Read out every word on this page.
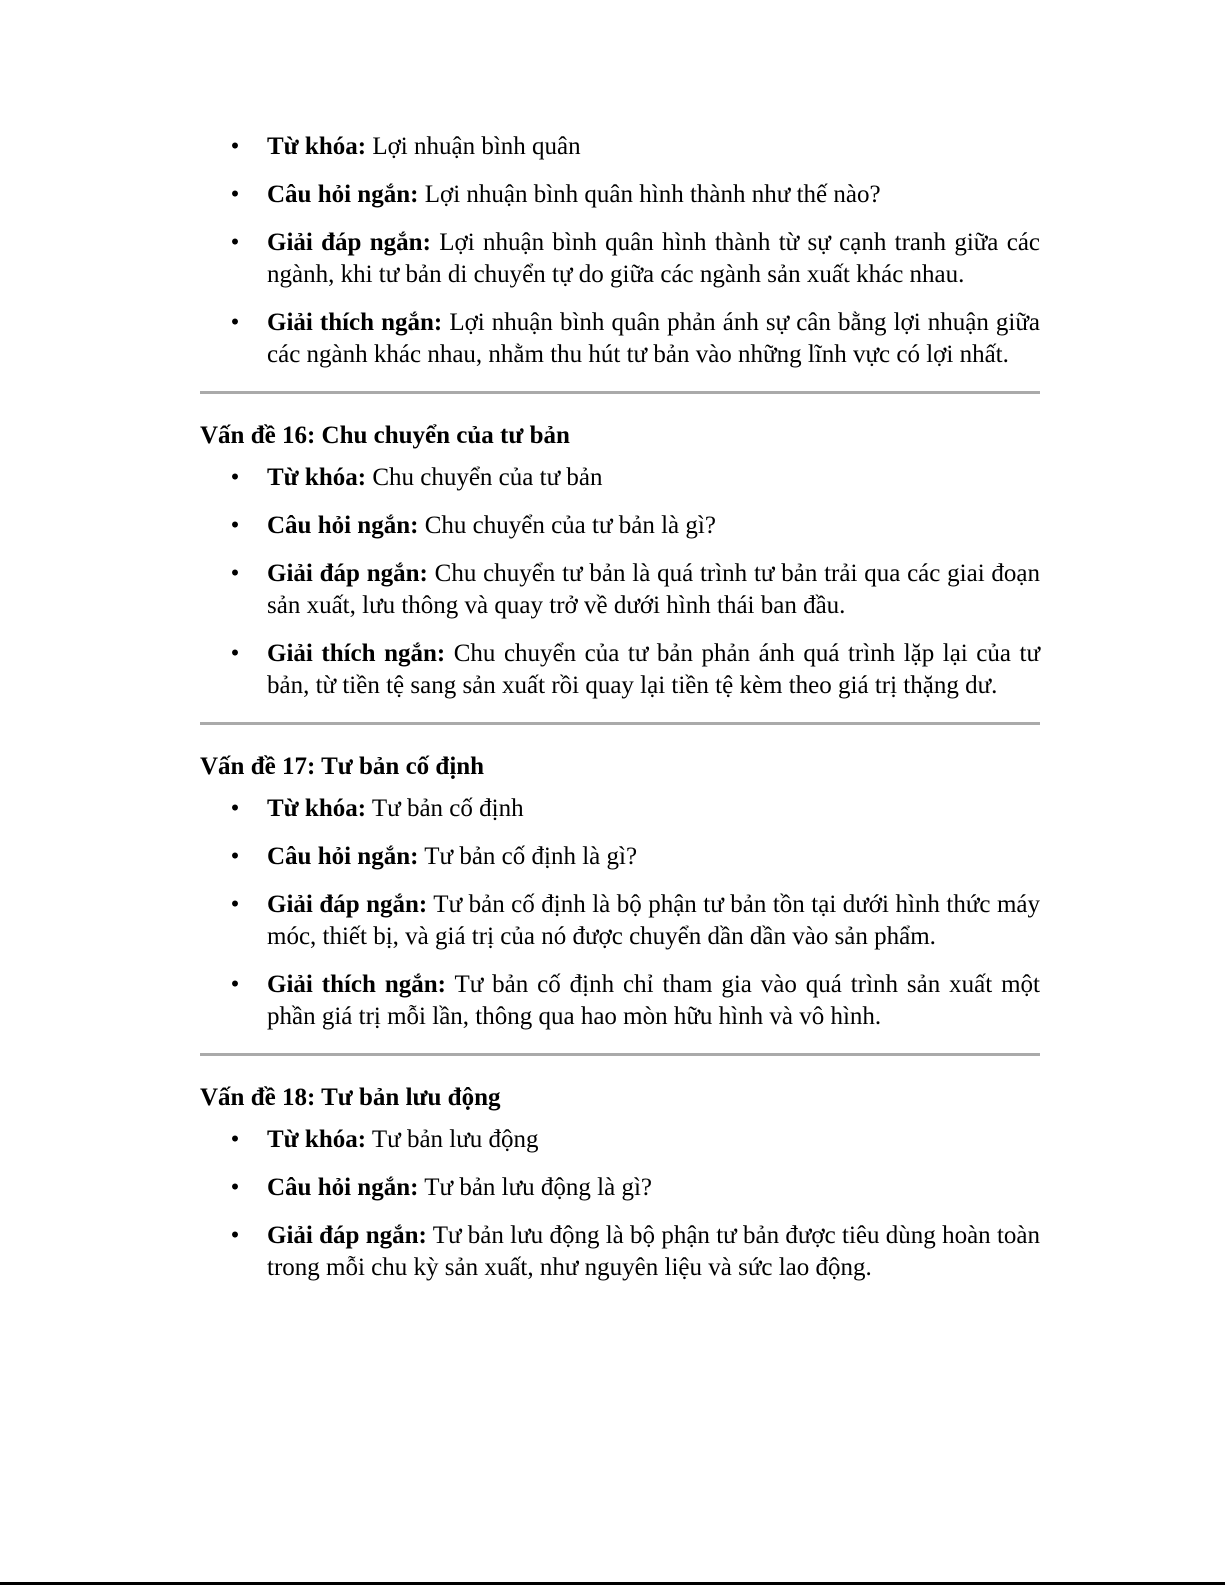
• Từ khóa: Lợi nhuận bình quân
• Câu hỏi ngắn: Lợi nhuận bình quân hình thành như thế nào?
• Giải đáp ngắn: Lợi nhuận bình quân hình thành từ sự cạnh tranh giữa các ngành, khi tư bản di chuyển tự do giữa các ngành sản xuất khác nhau.
• Giải thích ngắn: Lợi nhuận bình quân phản ánh sự cân bằng lợi nhuận giữa các ngành khác nhau, nhằm thu hút tư bản vào những lĩnh vực có lợi nhất.
Vấn đề 16: Chu chuyển của tư bản
• Từ khóa: Chu chuyển của tư bản
• Câu hỏi ngắn: Chu chuyển của tư bản là gì?
• Giải đáp ngắn: Chu chuyển tư bản là quá trình tư bản trải qua các giai đoạn sản xuất, lưu thông và quay trở về dưới hình thái ban đầu.
• Giải thích ngắn: Chu chuyển của tư bản phản ánh quá trình lặp lại của tư bản, từ tiền tệ sang sản xuất rồi quay lại tiền tệ kèm theo giá trị thặng dư.
Vấn đề 17: Tư bản cố định
• Từ khóa: Tư bản cố định
• Câu hỏi ngắn: Tư bản cố định là gì?
• Giải đáp ngắn: Tư bản cố định là bộ phận tư bản tồn tại dưới hình thức máy móc, thiết bị, và giá trị của nó được chuyển dần dần vào sản phẩm.
• Giải thích ngắn: Tư bản cố định chỉ tham gia vào quá trình sản xuất một phần giá trị mỗi lần, thông qua hao mòn hữu hình và vô hình.
Vấn đề 18: Tư bản lưu động
• Từ khóa: Tư bản lưu động
• Câu hỏi ngắn: Tư bản lưu động là gì?
• Giải đáp ngắn: Tư bản lưu động là bộ phận tư bản được tiêu dùng hoàn toàn trong mỗi chu kỳ sản xuất, như nguyên liệu và sức lao động.
